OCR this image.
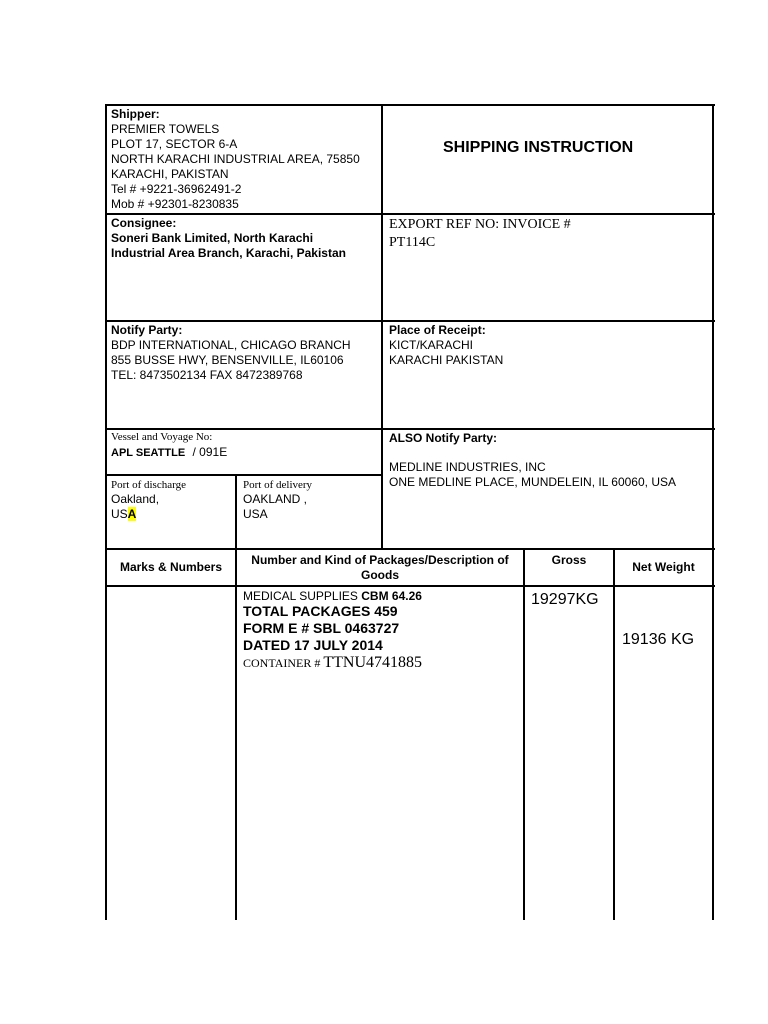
Shipper:
PREMIER TOWELS
PLOT 17, SECTOR 6-A
NORTH KARACHI INDUSTRIAL AREA, 75850
KARACHI, PAKISTAN
Tel # +9221-36962491-2
Mob # +92301-8230835
SHIPPING INSTRUCTION
Consignee:
Soneri Bank Limited, North Karachi
Industrial Area Branch, Karachi, Pakistan
EXPORT REF NO: INVOICE #
PT114C
Notify Party:
BDP INTERNATIONAL, CHICAGO BRANCH
855 BUSSE HWY, BENSENVILLE, IL60106
TEL: 8473502134 FAX 8472389768
Place of Receipt:
KICT/KARACHI
KARACHI PAKISTAN
Vessel and Voyage No:
APL SEATTLE / 091E
ALSO Notify Party:
MEDLINE INDUSTRIES, INC
ONE MEDLINE PLACE, MUNDELEIN, IL 60060, USA
Port of discharge
Oakland,
USA
Port of delivery
OAKLAND ,
USA
Marks & Numbers	Number and Kind of Packages/Description of
Goods
Gross	Net Weight
MEDICAL SUPPLIES CBM 64.26
TOTAL PACKAGES 459
FORM E # SBL 0463727
DATED 17 JULY 2014
CONTAINER # TTNU4741885
19297KG
19136 KG
